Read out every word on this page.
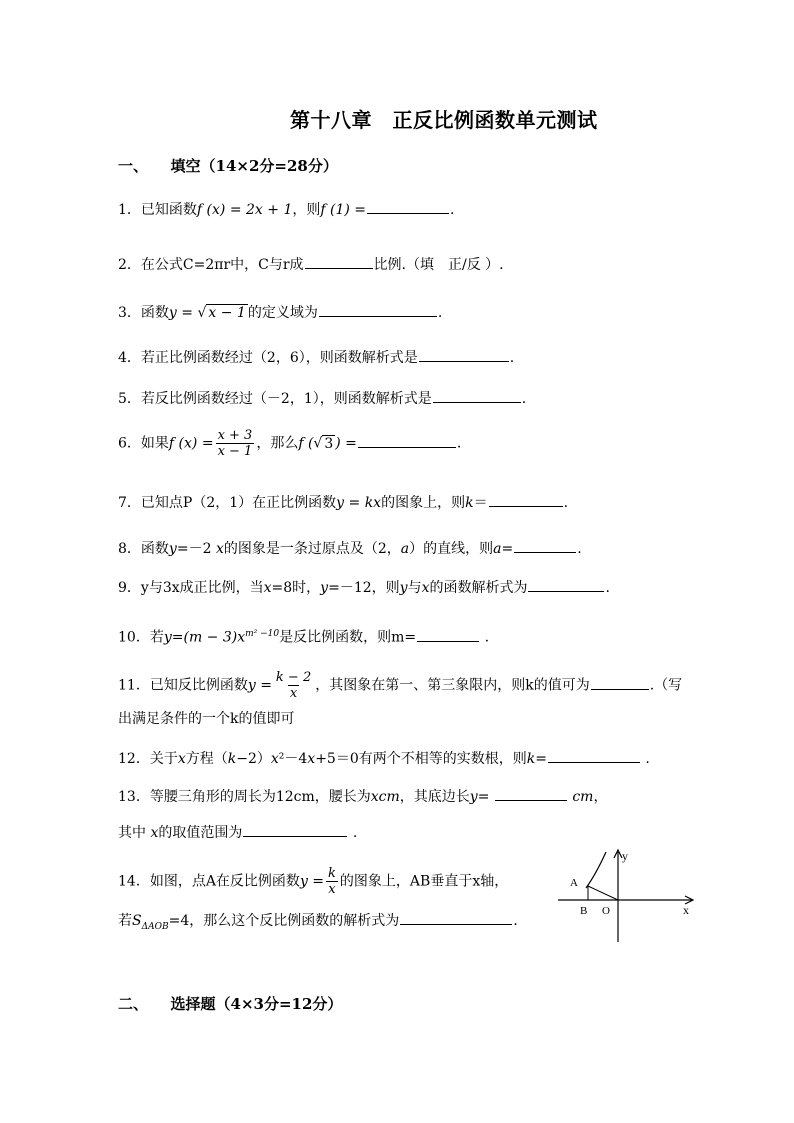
第十八章　正反比例函数单元测试
一、　　填空（14×2分=28分）
1．已知函数f (x) = 2x + 1，则f (1) =	.
2．在公式C=2πr中，C与r成	比例.（填　正/反 ）.
3．函数y = √ x − 1 的定义域为	.
4．若正比例函数经过（2，6），则函数解析式是	.
5．若反比例函数经过（－2，1），则函数解析式是	.
6．如果f $(x) = \frac{x + 3}{x - 1}$ ，那么f (√ 3 ) =	.
7．已知点P（2，1）在正比例函数y = kx的图象上，则k＝	.
8．函数y=－2 x的图象是一条过原点及（2，a）的直线，则a=	.
9．y与3x成正比例，当x=8时，y=－12，则y与x的函数解析式为	.
10．若$y=(m - 3)x^{m^2 -10}$是反比例函数，则m=	.
11．已知反比例函数$y = \frac{k - 2}{x}$ ，其图象在第一、第三象限内，则k的值可为	.（写
出满足条件的一个k的值即可
12．关于x方程（k−2）x²－4x+5＝0有两个不相等的实数根，则k=	.
13．等腰三角形的周长为12cm，腰长为xcm，其底边长y=	cm，
其中 x的取值范围为	.
14．如图，点A在反比例函数$y = \frac{k}{x}$ 的图象上，AB垂直于x轴，
若$S_{\Delta AOB}=4$，那么这个反比例函数的解析式为	.
y
x
A
B O
二、　　选择题（4×3分=12分）
